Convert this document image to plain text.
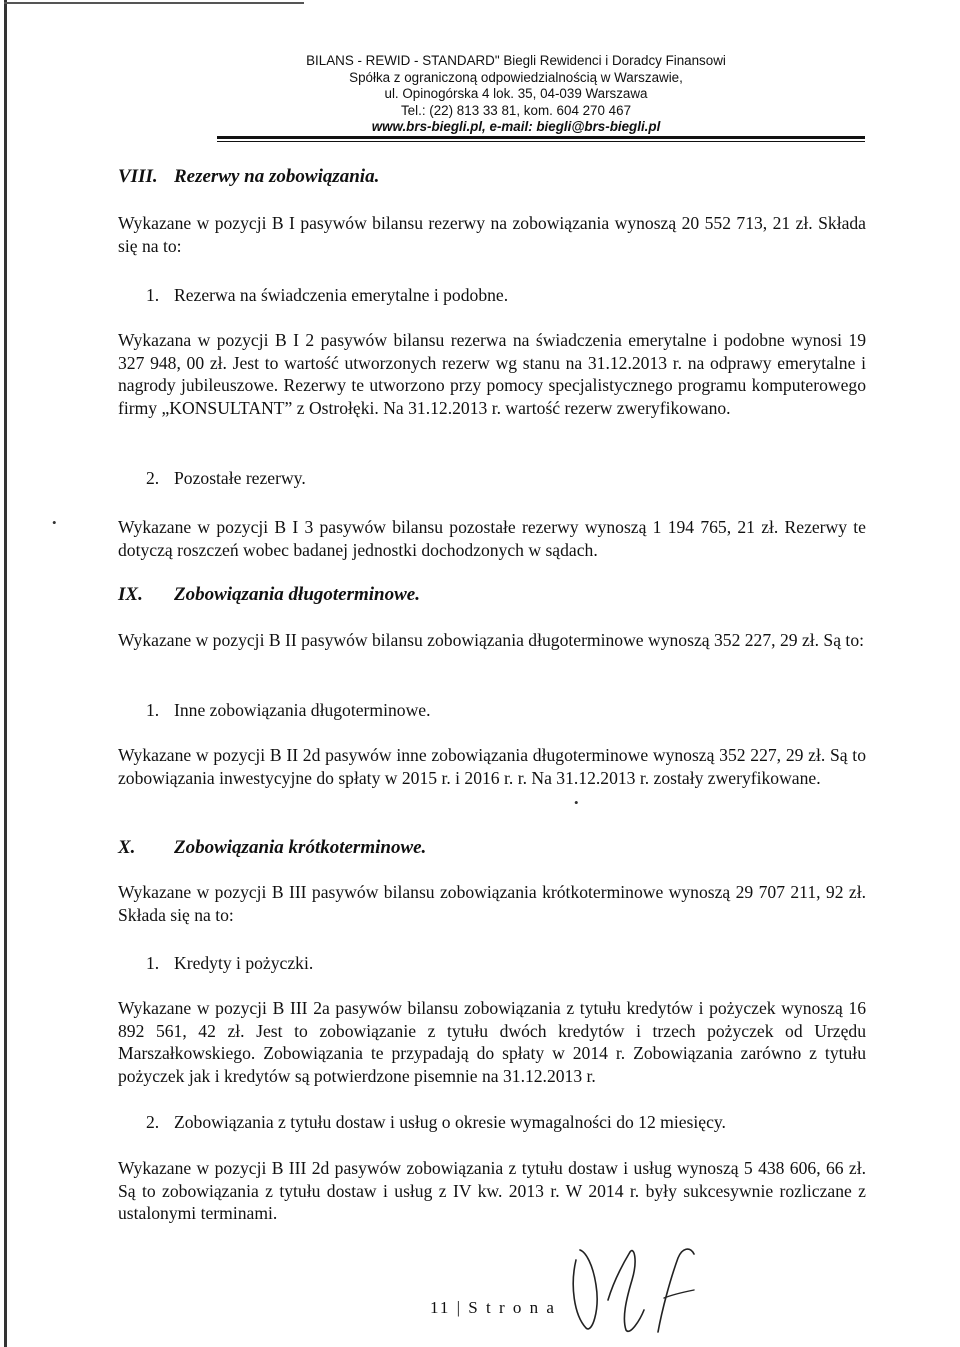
BILANS - REWID - STANDARD" Biegli Rewidenci i Doradcy Finansowi
Spółka z ograniczoną odpowiedzialnością w Warszawie,
ul. Opinogórska 4 lok. 35, 04-039 Warszawa
Tel.: (22) 813 33 81, kom. 604 270 467
www.brs-biegli.pl, e-mail: biegli@brs-biegli.pl
VIII. Rezerwy na zobowiązania.
Wykazane w pozycji B I pasywów bilansu rezerwy na zobowiązania wynoszą 20 552 713, 21 zł. Składa się na to:
1. Rezerwa na świadczenia emerytalne i podobne.
Wykazana w pozycji B I 2 pasywów bilansu rezerwa na świadczenia emerytalne i podobne wynosi 19 327 948, 00 zł. Jest to wartość utworzonych rezerw wg stanu na 31.12.2013 r. na odprawy emerytalne i nagrody jubileuszowe. Rezerwy te utworzono przy pomocy specjalistycznego programu komputerowego firmy „KONSULTANT” z Ostrołęki. Na 31.12.2013 r. wartość rezerw zweryfikowano.
2. Pozostałe rezerwy.
Wykazane w pozycji B I 3 pasywów bilansu pozostałe rezerwy wynoszą 1 194 765, 21 zł. Rezerwy te dotyczą roszczeń wobec badanej jednostki dochodzonych w sądach.
IX. Zobowiązania długoterminowe.
Wykazane w pozycji B II pasywów bilansu zobowiązania długoterminowe wynoszą 352 227, 29 zł. Są to:
1. Inne zobowiązania długoterminowe.
Wykazane w pozycji B II 2d pasywów inne zobowiązania długoterminowe wynoszą 352 227, 29 zł. Są to zobowiązania inwestycyjne do spłaty w 2015 r. i 2016 r. r. Na 31.12.2013 r. zostały zweryfikowane.
X. Zobowiązania krótkoterminowe.
Wykazane w pozycji B III pasywów bilansu zobowiązania krótkoterminowe wynoszą 29 707 211, 92 zł. Składa się na to:
1. Kredyty i pożyczki.
Wykazane w pozycji B III 2a pasywów bilansu zobowiązania z tytułu kredytów i pożyczek wynoszą 16 892 561, 42 zł. Jest to zobowiązanie z tytułu dwóch kredytów i trzech pożyczek od Urzędu Marszałkowskiego. Zobowiązania te przypadają do spłaty w 2014 r. Zobowiązania zarówno z tytułu pożyczek jak i kredytów są potwierdzone pisemnie na 31.12.2013 r.
2. Zobowiązania z tytułu dostaw i usług o okresie wymagalności do 12 miesięcy.
Wykazane w pozycji B III 2d pasywów zobowiązania z tytułu dostaw i usług wynoszą 5 438 606, 66 zł. Są to zobowiązania z tytułu dostaw i usług z IV kw. 2013 r. W 2014 r. były sukcesywnie rozliczane z ustalonymi terminami.
11 | S t r o n a
•
•
